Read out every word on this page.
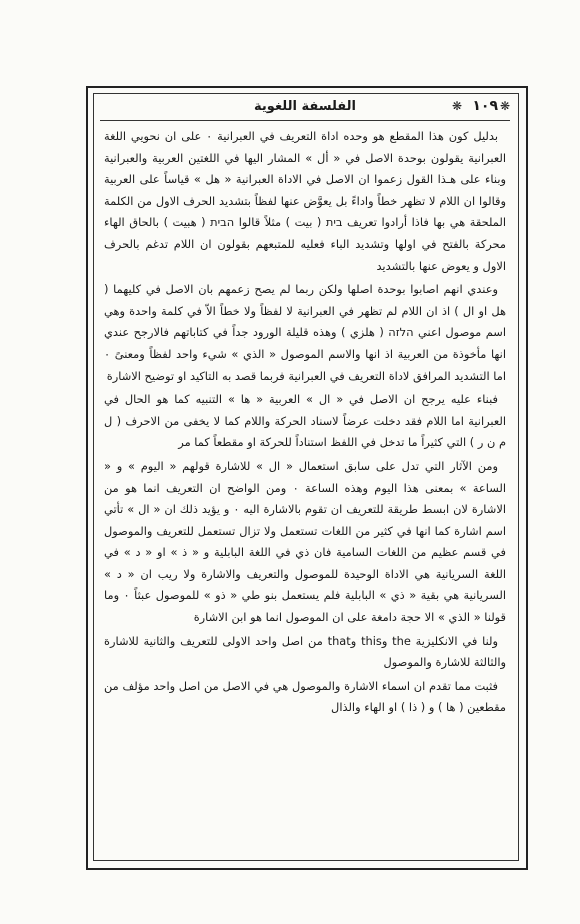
١٠٩ ❋
❋
الفلسفة اللغوية

بدليل كون هذا المقطع هو وحده اداة التعريف في العبرانية ٠ على ان نحويي اللغة العبرانية يقولون بوحدة الاصل في « أل » المشار اليها في اللغتين العربية والعبرانية وبناء على هـذا القول زعموا ان الاصل في الاداة العبرانية « هل » قياساً على العربية وقالوا ان اللام لا تظهر خطاً واداءً بل يعوَّض عنها لفظاً بتشديد الحرف الاول من الكلمة الملحقة هي بها فاذا أرادوا تعريف בית ( بيت ) مثلاً قالوا הבית ( هبيت ) بالحاق الهاء محركة بالفتح في اولها وتشديد الباء فعليه للمتبعهم بقولون ان اللام تدغم بالحرف الاول و يعوض عنها بالتشديد

وعندي انهم اصابوا بوحدة اصلها ولكن ربما لم يصح زعمهم بان الاصل في كليهما ( هل او ال ) اذ ان اللام لم تظهر في العبرانية لا لفظاً ولا خطاً الاّ في كلمة واحدة وهي اسم موصول اعني הלזה ( هلزي ) وهذه قليلة الورود جداً في كتاباتهم فالارجح عندي انها مأخوذة من العربية اذ انها والاسم الموصول « الذي » شيء واحد لفظاً ومعنىً ٠ اما التشديد المرافق لاداة التعريف في العبرانية فربما قصد به التاكيد او توضيح الاشارة

فبناء عليه يرجح ان الاصل في « ال » العربية « ها » التنبيه كما هو الحال في العبرانية اما اللام فقد دخلت عرضاً لاسناد الحركة واللام كما لا يخفى من الاحرف ( ل م ن ر ) التي كثيراً ما تدخل في اللفظ استناداً للحركة او مقطعاً كما مر

ومن الآثار التي تدل على سابق استعمال « ال » للاشارة قولهم « اليوم » و « الساعة » بمعنى هذا اليوم وهذه الساعة ٠ ومن الواضح ان التعريف انما هو من الاشارة لان ابسط طريقة للتعريف ان تقوم بالاشارة اليه ٠ و يؤيد ذلك ان « ال » تأتي اسم اشارة كما انها في كثير من اللغات تستعمل ولا تزال تستعمل للتعريف والموصول في قسم عظيم من اللغات السامية فان ذي في اللغة البابلية و « ذ » او « د » في اللغة السريانية هي الاداة الوحيدة للموصول والتعريف والاشارة ولا ريب ان « د » السريانية هي بقية « ذي » البابلية فلم يستعمل بنو طي « ذو » للموصول عبثاً ٠ وما قولنا « الذي » الا حجة دامغة على ان الموصول انما هو ابن الاشارة

ولنا في الانكليزية the وthis وthat من اصل واحد الاولى للتعريف والثانية للاشارة والثالثة للاشارة والموصول

فثبت مما تقدم ان اسماء الاشارة والموصول هي في الاصل من اصل واحد مؤلف من مقطعين ( ها ) و ( ذا ) او الهاء والذال
